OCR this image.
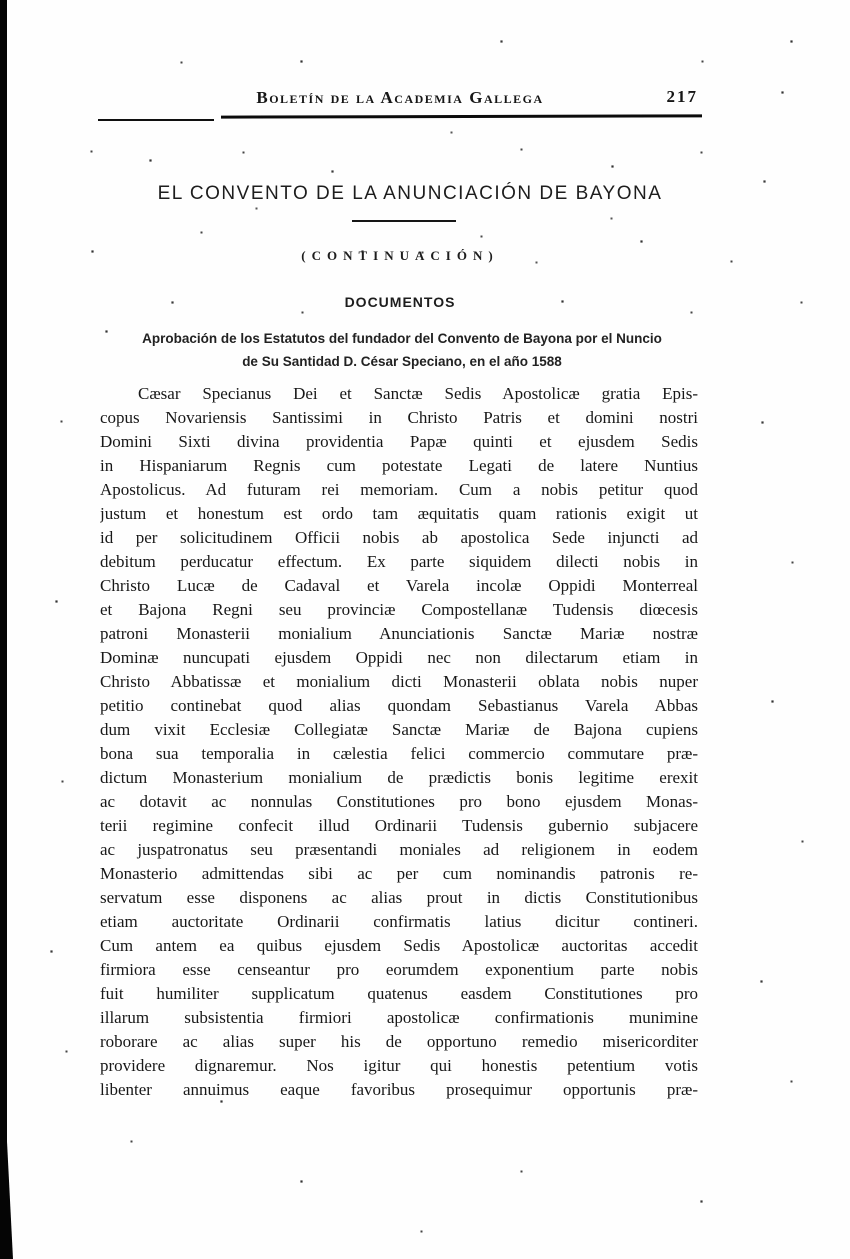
Boletín de la Academia Gallega	217
EL CONVENTO DE LA ANUNCIACIÓN DE BAYONA
(CONTINUACIÓN)
DOCUMENTOS
Aprobación de los Estatutos del fundador del Convento de Bayona por el Nuncio
de Su Santidad D. César Speciano, en el año 1588
Cæsar Specianus Dei et Sanctæ Sedis Apostolicæ gratia Epis-
copus Novariensis Santissimi in Christo Patris et domini nostri
Domini Sixti divina providentia Papæ quinti et ejusdem Sedis
in Hispaniarum Regnis cum potestate Legati de latere Nuntius
Apostolicus. Ad futuram rei memoriam. Cum a nobis petitur quod
justum et honestum est ordo tam æquitatis quam rationis exigit ut
id per solicitudinem Officii nobis ab apostolica Sede injuncti ad
debitum perducatur effectum. Ex parte siquidem dilecti nobis in
Christo Lucæ de Cadaval et Varela incolæ Oppidi Monterreal
et Bajona Regni seu provinciæ Compostellanæ Tudensis diœcesis
patroni Monasterii monialium Anunciationis Sanctæ Mariæ nostræ
Dominæ nuncupati ejusdem Oppidi nec non dilectarum etiam in
Christo Abbatissæ et monialium dicti Monasterii oblata nobis nuper
petitio continebat quod alias quondam Sebastianus Varela Abbas
dum vixit Ecclesiæ Collegiatæ Sanctæ Mariæ de Bajona cupiens
bona sua temporalia in cælestia felici commercio commutare præ-
dictum Monasterium monialium de prædictis bonis legitime erexit
ac dotavit ac nonnulas Constitutiones pro bono ejusdem Monas-
terii regimine confecit illud Ordinarii Tudensis gubernio subjacere
ac juspatronatus seu præsentandi moniales ad religionem in eodem
Monasterio admittendas sibi ac per cum nominandis patronis re-
servatum esse disponens ac alias prout in dictis Constitutionibus
etiam auctoritate Ordinarii confirmatis latius dicitur contineri.
Cum antem ea quibus ejusdem Sedis Apostolicæ auctoritas accedit
firmiora esse censeantur pro eorumdem exponentium parte nobis
fuit humiliter supplicatum quatenus easdem Constitutiones pro
illarum subsistentia firmiori apostolicæ confirmationis munimine
roborare ac alias super his de opportuno remedio misericorditer
providere dignaremur. Nos igitur qui honestis petentium votis
libenter annuimus eaque favoribus prosequimur opportunis præ-
